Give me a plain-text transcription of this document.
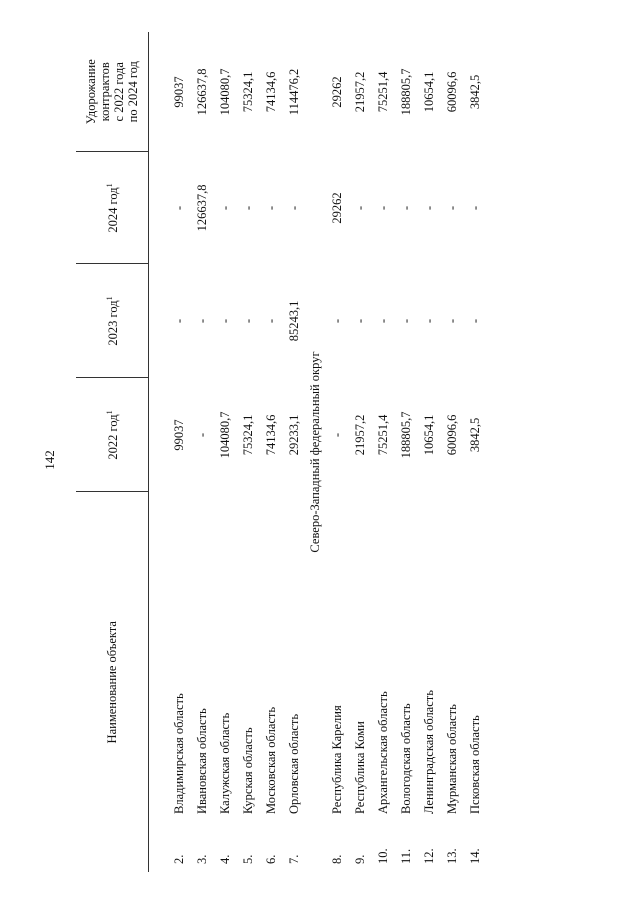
142
Наименование объекта		2022 год$^1$	2023 год$^1$	2024 год$^1$	Удорожание контрактов с 2022 года по 2024 год

2.	Владимирская область	99037	-	-	99037
3.	Ивановская область	-	-	126637,8	126637,8
4.	Калужская область	104080,7	-	-	104080,7
5.	Курская область	75324,1	-	-	75324,1
6.	Московская область	74134,6	-	-	74134,6
7.	Орловская область	29233,1	85243,1	-	114476,2
Северо-Западный федеральный округ					
8.	Республика Карелия	-	-	29262	29262
9.	Республика Коми	21957,2	-	-	21957,2
10.	Архангельская область	75251,4	-	-	75251,4
11.	Вологодская область	188805,7	-	-	188805,7
12.	Ленинградская область	10654,1	-	-	10654,1
13.	Мурманская область	60096,6	-	-	60096,6
14.	Псковская область	3842,5	-	-	3842,5
